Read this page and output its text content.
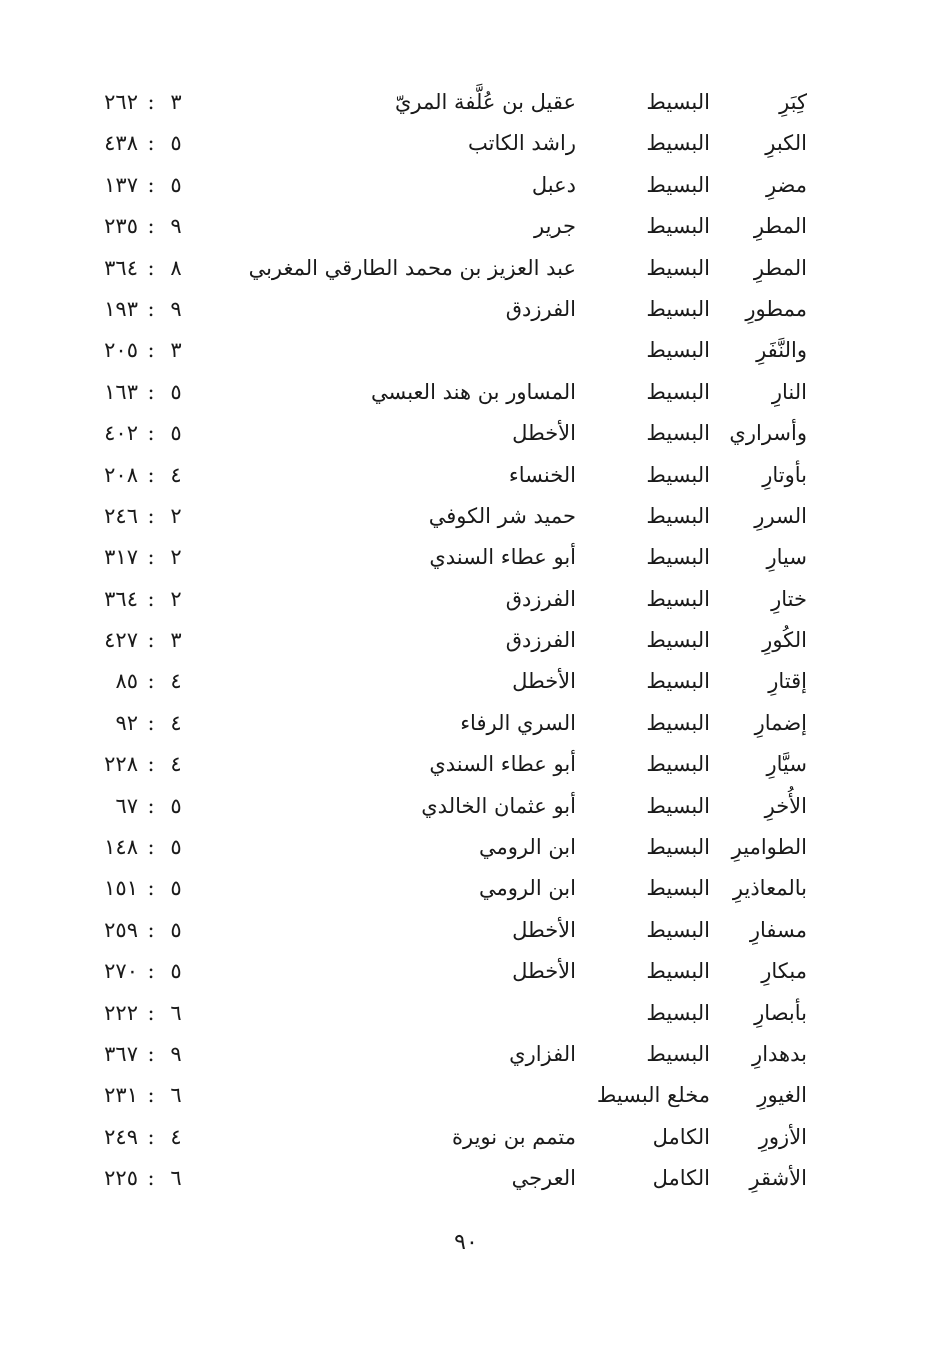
كِبَرِ
البسيط
عقيل بن عُلَّفة المريّ
٢٦٢ : ٣
الكبرِ
البسيط
راشد الكاتب
٤٣٨ : ٥
مضرِ
البسيط
دعبل
١٣٧ : ٥
المطرِ
البسيط
جرير
٢٣٥ : ٩
المطرِ
البسيط
عبد العزيز بن محمد الطارقي المغربي
٣٦٤ : ٨
ممطورِ
البسيط
الفرزدق
١٩٣ : ٩
والنَّفَرِ
البسيط
٢٠٥ : ٣
النارِ
البسيط
المساور بن هند العبسي
١٦٣ : ٥
وأسراري
البسيط
الأخطل
٤٠٢ : ٥
بأوتارِ
البسيط
الخنساء
٢٠٨ : ٤
السررِ
البسيط
حميد شر الكوفي
٢٤٦ : ٢
سيارِ
البسيط
أبو عطاء السندي
٣١٧ : ٢
ختارِ
البسيط
الفرزدق
٣٦٤ : ٢
الكُورِ
البسيط
الفرزدق
٤٢٧ : ٣
إقتارِ
البسيط
الأخطل
٨٥ : ٤
إضمارِ
البسيط
السري الرفاء
٩٢ : ٤
سيَّارِ
البسيط
أبو عطاء السندي
٢٢٨ : ٤
الأُخرِ
البسيط
أبو عثمان الخالدي
٦٧ : ٥
الطواميرِ
البسيط
ابن الرومي
١٤٨ : ٥
بالمعاذيرِ
البسيط
ابن الرومي
١٥١ : ٥
مسفارِ
البسيط
الأخطل
٢٥٩ : ٥
مبكارِ
البسيط
الأخطل
٢٧٠ : ٥
بأبصارِ
البسيط
٢٢٢ : ٦
بدهدارِ
البسيط
الفزاري
٣٦٧ : ٩
الغيورِ
مخلع البسيط
٢٣١ : ٦
الأزورِ
الكامل
متمم بن نويرة
٢٤٩ : ٤
الأشقرِ
الكامل
العرجي
٢٢٥ : ٦
٩٠
